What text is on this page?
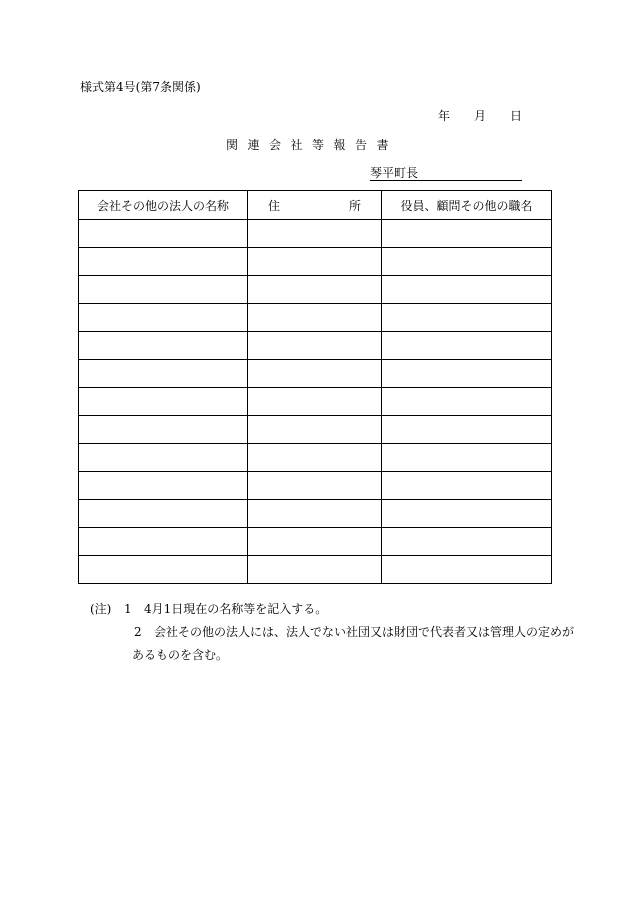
様式第4号(第7条関係)
年	月	日
関連会社等報告書
琴平町長
会社その他の法人の名称	住 所	役員、顧問その他の職名

(注)	1	4月1日現在の名称等を記入する。
2	会社その他の法人には、法人でない社団又は財団で代表者又は管理人の定めが
あるものを含む。
